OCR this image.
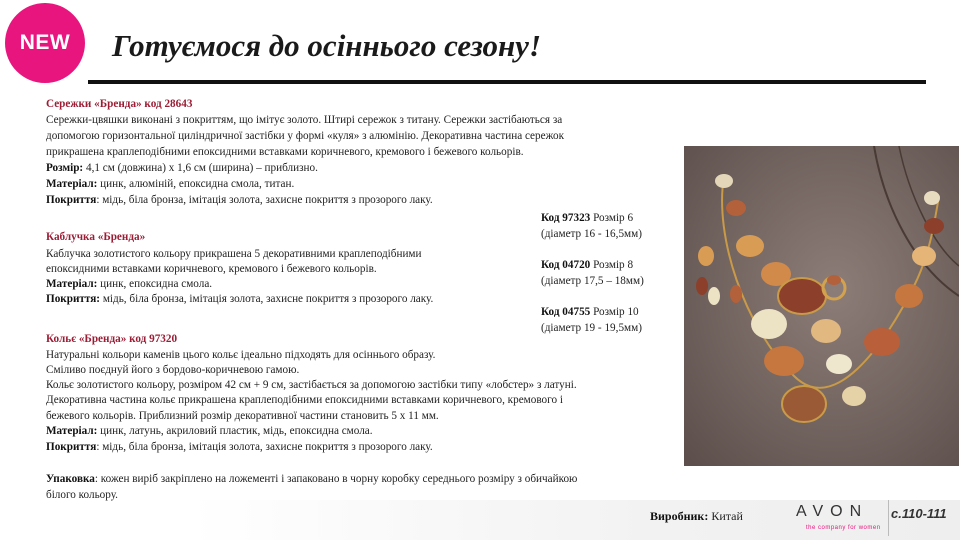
NEW Готуємося до осіннього сезону!
Сережки «Бренда» код 28643
Сережки-цвяшки виконані з покриттям, що імітує золото. Штирі сережок з титану. Сережки застібаються за
допомогою горизонтальної циліндричної застібки у формі «куля» з алюмінію. Декоративна частина сережок
прикрашена краплеподібними епоксидними вставками коричневого, кремового і бежевого кольорів.
Розмір: 4,1 см (довжина) х 1,6 см (ширина) – приблизно.
Матеріал: цинк, алюміній, епоксидна смола, титан.
Покриття: мідь, біла бронза, імітація золота, захисне покриття з прозорого лаку.
Каблучка «Бренда»
Каблучка золотистого кольору прикрашена 5 декоративними краплеподібними
епоксидними вставками коричневого, кремового і бежевого кольорів.
Матеріал: цинк, епоксидна смола.
Покриття: мідь, біла бронза, імітація золота, захисне покриття з прозорого лаку.
Код 97323 Розмір 6
(діаметр 16 - 16,5мм)
Код 04720 Розмір 8
(діаметр 17,5 – 18мм)
Код 04755 Розмір 10
(діаметр 19 - 19,5мм)
Кольє «Бренда» код 97320
Натуральні кольори каменів цього кольє ідеально підходять для осіннього образу.
Сміливо поєднуй його з бордово-коричневою гамою.
Кольє золотистого кольору, розміром 42 см + 9 см, застібається за допомогою застібки типу «лобстер» з латуні.
Декоративна частина кольє прикрашена краплеподібними епоксидними вставками коричневого, кремового і
бежевого кольорів. Приблизний розмір декоративної частини становить 5 х 11 мм.
Матеріал: цинк, латунь, акриловий пластик, мідь, епоксидна смола.
Покриття: мідь, біла бронза, імітація золота, захисне покриття з прозорого лаку.
Упаковка: кожен виріб закріплено на ложементі і запаковано в чорну коробку середнього розміру з обичайкою
білого кольору.
Виробник: Китай	AVON
the company for women
с.110-111
